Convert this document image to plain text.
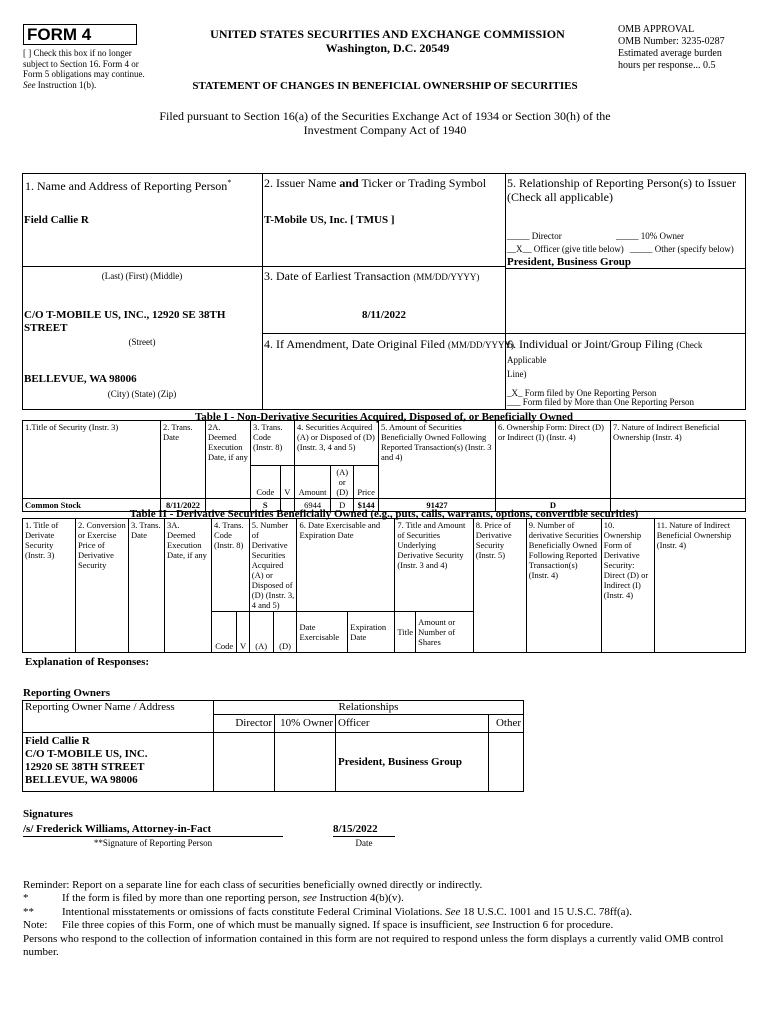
FORM 4
[ ] Check this box if no longer subject to Section 16. Form 4 or Form 5 obligations may continue. See Instruction 1(b).
UNITED STATES SECURITIES AND EXCHANGE COMMISSION
Washington, D.C. 20549
OMB APPROVAL
OMB Number: 3235-0287
Estimated average burden
hours per response... 0.5
STATEMENT OF CHANGES IN BENEFICIAL OWNERSHIP OF SECURITIES
Filed pursuant to Section 16(a) of the Securities Exchange Act of 1934 or Section 30(h) of the
Investment Company Act of 1940
1. Name and Address of Reporting Person*
Field Callie R
(Last) (First) (Middle)
C/O T-MOBILE US, INC., 12920 SE 38TH STREET
(Street)
BELLEVUE, WA 98006
(City) (State) (Zip)
2. Issuer Name and Ticker or Trading Symbol
T-Mobile US, Inc. [ TMUS ]
3. Date of Earliest Transaction (MM/DD/YYYY)
8/11/2022
4. If Amendment, Date Original Filed (MM/DD/YYYY)
5. Relationship of Reporting Person(s) to Issuer
(Check all applicable)
_____ Director	_____ 10% Owner
__X__ Officer (give title below) _____ Other (specify below)
President, Business Group
6. Individual or Joint/Group Filing (Check Applicable
Line)
_X_ Form filed by One Reporting Person
___ Form filed by More than One Reporting Person
Table I - Non-Derivative Securities Acquired, Disposed of, or Beneficially Owned
1.Title of Security (Instr. 3)	2. Trans. Date	2A. Deemed Execution Date, if any	3. Trans. Code (Instr. 8)		4. Securities Acquired (A) or Disposed of (D) (Instr. 3, 4 and 5)			5. Amount of Securities Beneficially Owned Following Reported Transaction(s) (Instr. 3 and 4)	6. Ownership Form: Direct (D) or Indirect (I) (Instr. 4)	7. Nature of Indirect Beneficial Ownership (Instr. 4)
			Code	V	Amount	(A) or (D)	Price			
Common Stock	8/11/2022		S		6944	D	$144	91427	D	
Table II - Derivative Securities Beneficially Owned (e.g., puts, calls, warrants, options, convertible securities)
1. Title of Derivate Security (Instr. 3)	2. Conversion or Exercise Price of Derivative Security	3. Trans. Date	3A. Deemed Execution Date, if any	4. Trans. Code (Instr. 8)		5. Number of Derivative Securities Acquired (A) or Disposed of (D) (Instr. 3, 4 and 5)		6. Date Exercisable and Expiration Date		7. Title and Amount of Securities Underlying Derivative Security (Instr. 3 and 4)		8. Price of Derivative Security (Instr. 5)	9. Number of derivative Securities Beneficially Owned Following Reported Transaction(s) (Instr. 4)	10. Ownership Form of Derivative Security: Direct (D) or Indirect (I) (Instr. 4)	11. Nature of Indirect Beneficial Ownership (Instr. 4)
				Code	V	(A)	(D)	Date Exercisable	Expiration Date	Title	Amount or Number of Shares				
Explanation of Responses:
Reporting Owners
Reporting Owner Name / Address	Relationships			
	Director	10% Owner	Officer	Other

Field Callie R
C/O T-MOBILE US, INC.
12920 SE 38TH STREET
BELLEVUE, WA 98006			President, Business Group	
Signatures
/s/ Frederick Williams, Attorney-in-Fact
**Signature of Reporting Person
8/15/2022
Date
Reminder: Report on a separate line for each class of securities beneficially owned directly or indirectly.
*	If the form is filed by more than one reporting person, see Instruction 4(b)(v).
**	Intentional misstatements or omissions of facts constitute Federal Criminal Violations. See 18 U.S.C. 1001 and 15 U.S.C. 78ff(a).
Note: File three copies of this Form, one of which must be manually signed. If space is insufficient, see Instruction 6 for procedure.
Persons who respond to the collection of information contained in this form are not required to respond unless the form displays a currently valid OMB control number.
